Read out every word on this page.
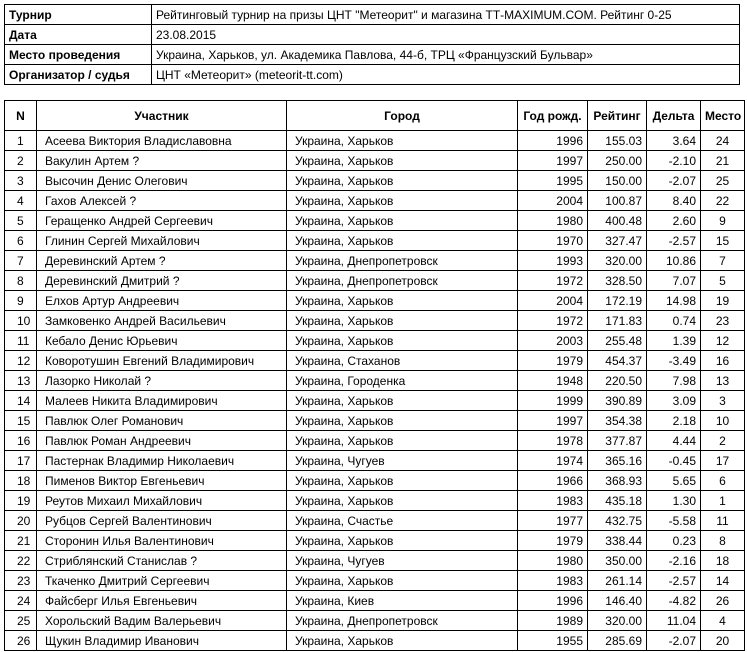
Турнир	Рейтинговый турнир на призы ЦНТ "Метеорит" и магазина ТТ-MAXIMUM.COM. Рейтинг 0-25
Дата	23.08.2015
Место проведения	Украина, Харьков, ул. Академика Павлова, 44-б, ТРЦ «Французский Бульвар»
Организатор / судья	ЦНТ «Метеорит» (meteorit-tt.com)
N	Участник	Город	Год рожд.	Рейтинг	Дельта	Место
1	Асеева Виктория Владиславовна	Украина, Харьков	1996	155.03	3.64	24
2	Вакулин Артем ?	Украина, Харьков	1997	250.00	-2.10	21
3	Высочин Денис Олегович	Украина, Харьков	1995	150.00	-2.07	25
4	Гахов Алексей ?	Украина, Харьков	2004	100.87	8.40	22
5	Геращенко Андрей Сергеевич	Украина, Харьков	1980	400.48	2.60	9
6	Глинин Сергей Михайлович	Украина, Харьков	1970	327.47	-2.57	15
7	Деревинский Артем ?	Украина, Днепропетровск	1993	320.00	10.86	7
8	Деревинский Дмитрий ?	Украина, Днепропетровск	1972	328.50	7.07	5
9	Елхов Артур Андреевич	Украина, Харьков	2004	172.19	14.98	19
10	Замковенко Андрей Васильевич	Украина, Харьков	1972	171.83	0.74	23
11	Кебало Денис Юрьевич	Украина, Харьков	2003	255.48	1.39	12
12	Коворотушин Евгений Владимирович	Украина, Стаханов	1979	454.37	-3.49	16
13	Лазорко Николай ?	Украина, Городенка	1948	220.50	7.98	13
14	Малеев Никита Владимирович	Украина, Харьков	1999	390.89	3.09	3
15	Павлюк Олег Романович	Украина, Харьков	1997	354.38	2.18	10
16	Павлюк Роман Андреевич	Украина, Харьков	1978	377.87	4.44	2
17	Пастернак Владимир Николаевич	Украина, Чугуев	1974	365.16	-0.45	17
18	Пименов Виктор Евгеньевич	Украина, Харьков	1966	368.93	5.65	6
19	Реутов Михаил Михайлович	Украина, Харьков	1983	435.18	1.30	1
20	Рубцов Сергей Валентинович	Украина, Счастье	1977	432.75	-5.58	11
21	Сторонин Илья Валентинович	Украина, Харьков	1979	338.44	0.23	8
22	Стриблянский Станислав ?	Украина, Чугуев	1980	350.00	-2.16	18
23	Ткаченко Дмитрий Сергеевич	Украина, Харьков	1983	261.14	-2.57	14
24	Файсберг Илья Евгеньевич	Украина, Киев	1996	146.40	-4.82	26
25	Хорольский Вадим Валерьевич	Украина, Днепропетровск	1989	320.00	11.04	4
26	Щукин Владимир Иванович	Украина, Харьков	1955	285.69	-2.07	20
